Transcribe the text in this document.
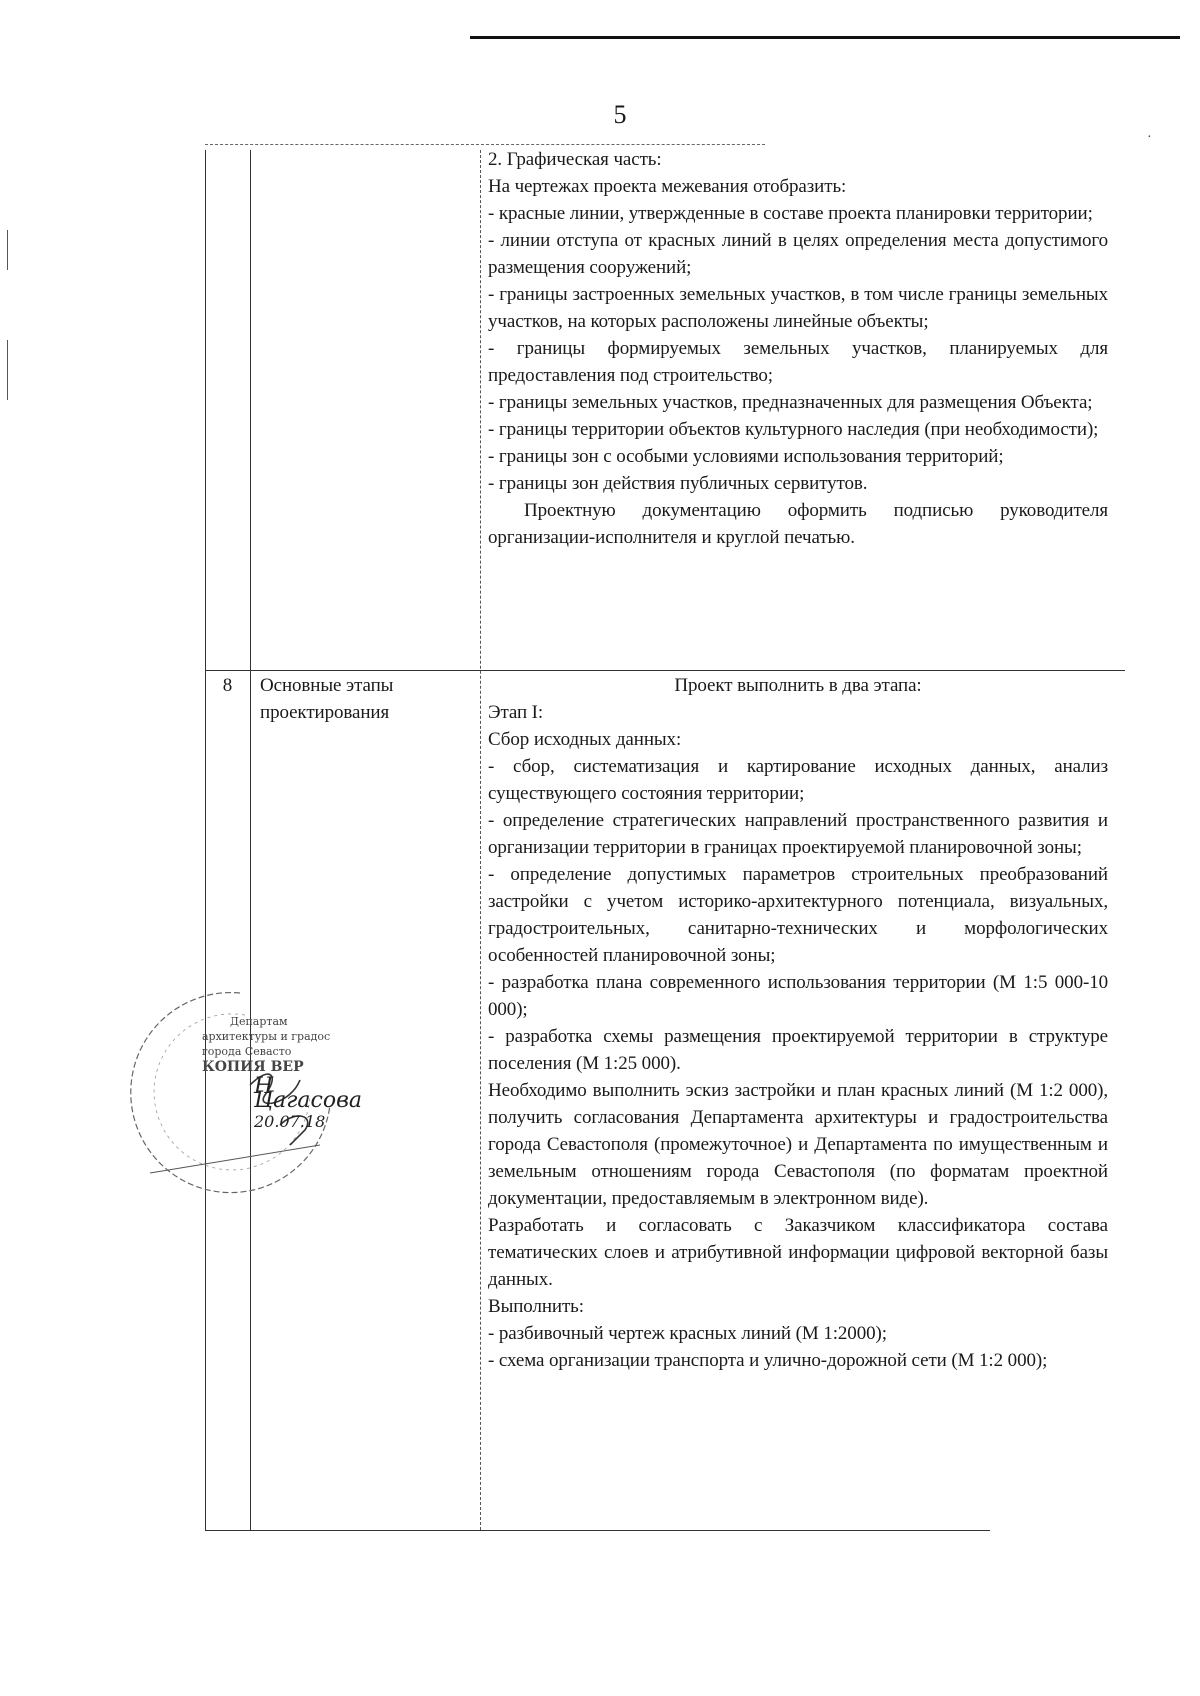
5
·

2. Графическая часть:

На чертежах проекта межевания отобразить:

- красные линии, утвержденные в составе проекта планировки территории;

- линии отступа от красных линий в целях определения места допустимого размещения сооружений;

- границы застроенных земельных участков, в том числе границы земельных участков, на которых расположены линейные объекты;

- границы формируемых земельных участков, планируемых для предоставления под строительство;

- границы земельных участков, предназначенных для размещения Объекта;

- границы территории объектов культурного наследия (при необходимости);

- границы зон с особыми условиями использования территорий;

- границы зон действия публичных сервитутов.

Проектную документацию оформить подписью руководителя организации-исполнителя и круглой печатью.

8	Основные этапы проектирования

Проект выполнить в два этапа:

Этап I:

Сбор исходных данных:

- сбор, систематизация и картирование исходных данных, анализ существующего состояния территории;

- определение стратегических направлений пространственного развития и организации территории в границах проектируемой планировочной зоны;

- определение допустимых параметров строительных преобразований застройки с учетом историко-архитектурного потенциала, визуальных, градостроительных, санитарно-технических и морфологических особенностей планировочной зоны;

- разработка плана современного использования территории (М 1:5 000-10 000);

- разработка схемы размещения проектируемой территории в структуре поселения (М 1:25 000).

Необходимо выполнить эскиз застройки и план красных линий (М 1:2 000), получить согласования Департамента архитектуры и градостроительства города Севастополя (промежуточное) и Департамента по имущественным и земельным отношениям города Севастополя (по форматам проектной документации, предоставляемым в электронном виде).

Разработать и согласовать с Заказчиком классификатора состава тематических слоев и атрибутивной информации цифровой векторной базы данных.

Выполнить:

- разбивочный чертеж красных линий (М 1:2000);

- схема организации транспорта и улично-дорожной сети (М 1:2 000);

Департам
архитектуры и градос
города Севасто
КОПИЯ ВЕР
Н Цагасова
20.07.18
